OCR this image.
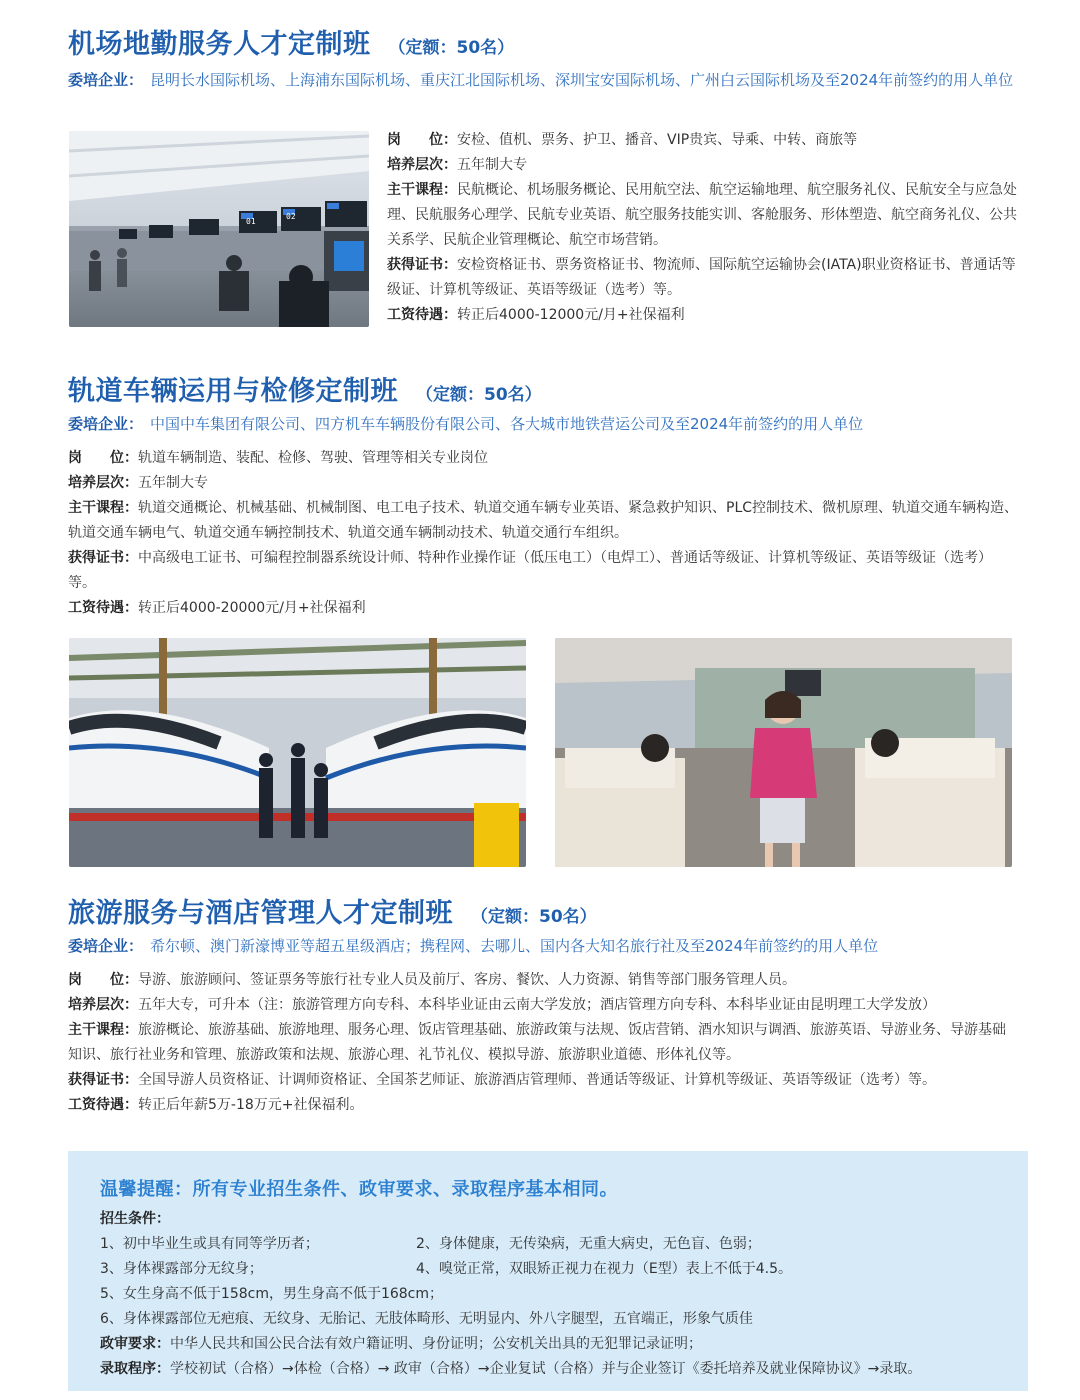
机场地勤服务人才定制班 （定额：50名）
委培企业： 昆明长水国际机场、上海浦东国际机场、重庆江北国际机场、深圳宝安国际机场、广州白云国际机场及至2024年前签约的用人单位
岗　　位：安检、值机、票务、护卫、播音、VIP贵宾、导乘、中转、商旅等
培养层次：五年制大专
主干课程：民航概论、机场服务概论、民用航空法、航空运输地理、航空服务礼仪、民航安全与应急处理、民航服务心理学、民航专业英语、航空服务技能实训、客舱服务、形体塑造、航空商务礼仪、公共关系学、民航企业管理概论、航空市场营销。
获得证书：安检资格证书、票务资格证书、物流师、国际航空运输协会(IATA)职业资格证书、普通话等级证、计算机等级证、英语等级证（选考）等。
工资待遇：转正后4000-12000元/月+社保福利
轨道车辆运用与检修定制班 （定额：50名）
委培企业： 中国中车集团有限公司、四方机车车辆股份有限公司、各大城市地铁营运公司及至2024年前签约的用人单位
岗　　位：轨道车辆制造、装配、检修、驾驶、管理等相关专业岗位
培养层次：五年制大专
主干课程：轨道交通概论、机械基础、机械制图、电工电子技术、轨道交通车辆专业英语、紧急救护知识、PLC控制技术、微机原理、轨道交通车辆构造、轨道交通车辆电气、轨道交通车辆控制技术、轨道交通车辆制动技术、轨道交通行车组织。
获得证书：中高级电工证书、可编程控制器系统设计师、特种作业操作证（低压电工）（电焊工）、普通话等级证、计算机等级证、英语等级证（选考）等。
工资待遇：转正后4000-20000元/月+社保福利
旅游服务与酒店管理人才定制班 （定额：50名）
委培企业： 希尔顿、澳门新濠博亚等超五星级酒店；携程网、去哪儿、国内各大知名旅行社及至2024年前签约的用人单位
岗　　位：导游、旅游顾问、签证票务等旅行社专业人员及前厅、客房、餐饮、人力资源、销售等部门服务管理人员。
培养层次：五年大专，可升本（注：旅游管理方向专科、本科毕业证由云南大学发放；酒店管理方向专科、本科毕业证由昆明理工大学发放）
主干课程：旅游概论、旅游基础、旅游地理、服务心理、饭店管理基础、旅游政策与法规、饭店营销、酒水知识与调酒、旅游英语、导游业务、导游基础知识、旅行社业务和管理、旅游政策和法规、旅游心理、礼节礼仪、模拟导游、旅游职业道德、形体礼仪等。
获得证书：全国导游人员资格证、计调师资格证、全国茶艺师证、旅游酒店管理师、普通话等级证、计算机等级证、英语等级证（选考）等。
工资待遇：转正后年薪5万-18万元+社保福利。
温馨提醒：所有专业招生条件、政审要求、录取程序基本相同。
招生条件：
1、初中毕业生或具有同等学历者；	2、身体健康，无传染病，无重大病史，无色盲、色弱；
3、身体裸露部分无纹身；	4、嗅觉正常，双眼矫正视力在视力（E型）表上不低于4.5。
5、女生身高不低于158cm，男生身高不低于168cm；
6、身体裸露部位无疤痕、无纹身、无胎记、无肢体畸形、无明显内、外八字腿型，五官端正，形象气质佳
政审要求：中华人民共和国公民合法有效户籍证明、身份证明；公安机关出具的无犯罪记录证明；
录取程序：学校初试（合格）→体检（合格）→ 政审（合格）→企业复试（合格）并与企业签订《委托培养及就业保障协议》→录取。
01
02
